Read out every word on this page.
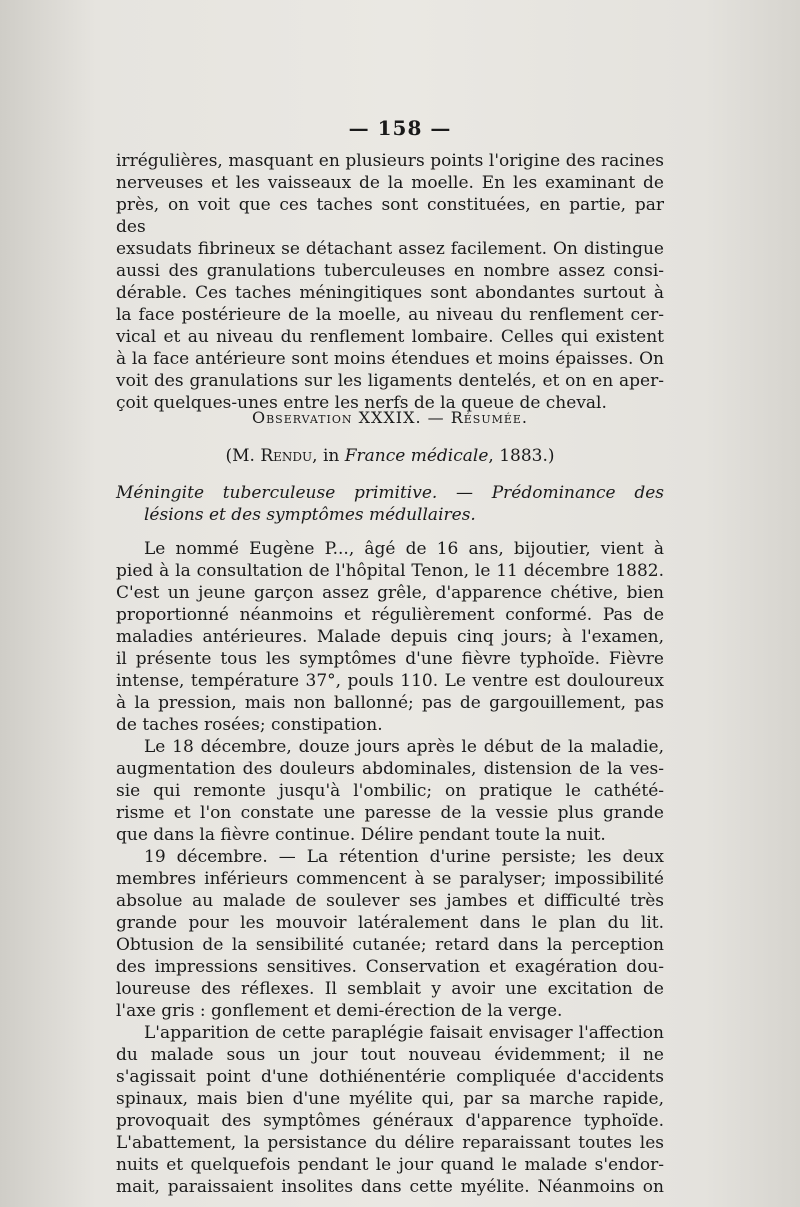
— 158 —
irrégulières, masquant en plusieurs points l'origine des racines
nerveuses et les vaisseaux de la moelle. En les examinant de
près, on voit que ces taches sont constituées, en partie, par des
exsudats fibrineux se détachant assez facilement. On distingue
aussi des granulations tuberculeuses en nombre assez consi-
dérable. Ces taches méningitiques sont abondantes surtout à
la face postérieure de la moelle, au niveau du renflement cer-
vical et au niveau du renflement lombaire. Celles qui existent
à la face antérieure sont moins étendues et moins épaisses. On
voit des granulations sur les ligaments dentelés, et on en aper-
çoit quelques-unes entre les nerfs de la queue de cheval.
Observation XXXIX. — Résumée.
(M. Rendu, in France médicale, 1883.)
Méningite tuberculeuse primitive. — Prédominance des
lésions et des symptômes médullaires.
Le nommé Eugène P..., âgé de 16 ans, bijoutier, vient à
pied à la consultation de l'hôpital Tenon, le 11 décembre 1882.
C'est un jeune garçon assez grêle, d'apparence chétive, bien
proportionné néanmoins et régulièrement conformé. Pas de
maladies antérieures. Malade depuis cinq jours; à l'examen,
il présente tous les symptômes d'une fièvre typhoïde. Fièvre
intense, température 37°, pouls 110. Le ventre est douloureux
à la pression, mais non ballonné; pas de gargouillement, pas
de taches rosées; constipation.
Le 18 décembre, douze jours après le début de la maladie,
augmentation des douleurs abdominales, distension de la ves-
sie qui remonte jusqu'à l'ombilic; on pratique le cathété-
risme et l'on constate une paresse de la vessie plus grande
que dans la fièvre continue. Délire pendant toute la nuit.
19 décembre. — La rétention d'urine persiste; les deux
membres inférieurs commencent à se paralyser; impossibilité
absolue au malade de soulever ses jambes et difficulté très
grande pour les mouvoir latéralement dans le plan du lit.
Obtusion de la sensibilité cutanée; retard dans la perception
des impressions sensitives. Conservation et exagération dou-
loureuse des réflexes. Il semblait y avoir une excitation de
l'axe gris : gonflement et demi-érection de la verge.
L'apparition de cette paraplégie faisait envisager l'affection
du malade sous un jour tout nouveau évidemment; il ne
s'agissait point d'une dothiénentérie compliquée d'accidents
spinaux, mais bien d'une myélite qui, par sa marche rapide,
provoquait des symptômes généraux d'apparence typhoïde.
L'abattement, la persistance du délire reparaissant toutes les
nuits et quelquefois pendant le jour quand le malade s'endor-
mait, paraissaient insolites dans cette myélite. Néanmoins on
